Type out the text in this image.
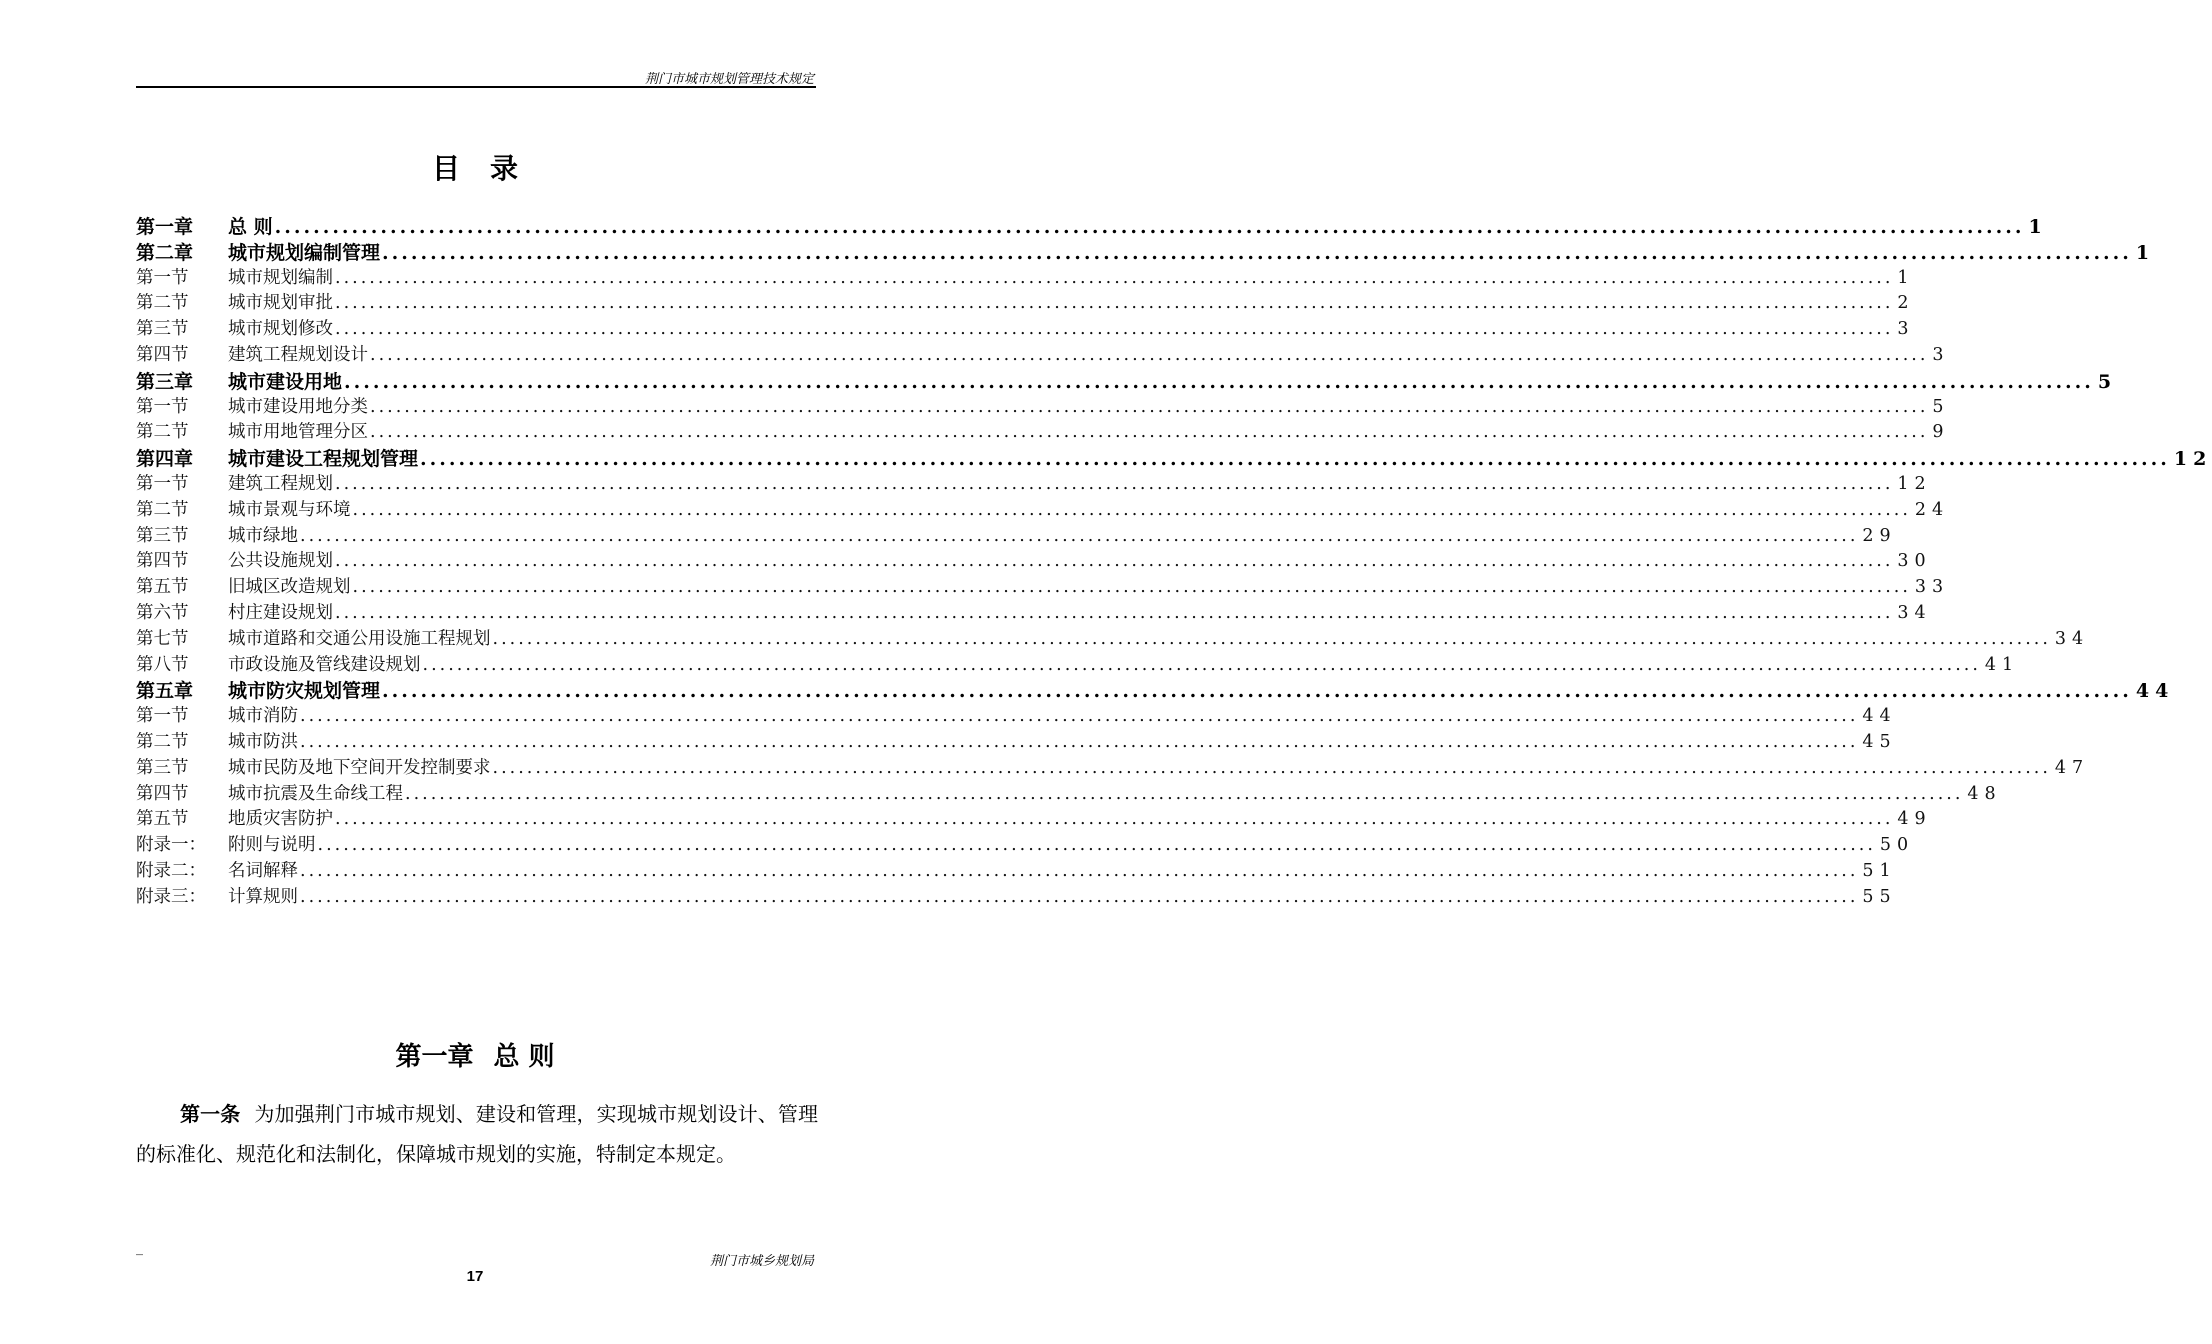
荆门市城市规划管理技术规定
目录
第一章	总 则 .....	1
第二章	城市规划编制管理 .....	1
第一节	城市规划编制 .....	1
第二节	城市规划审批 .....	2
第三节	城市规划修改 .....	3
第四节	建筑工程规划设计 .....	3
第三章	城市建设用地 .....	5
第一节	城市建设用地分类 .....	5
第二节	城市用地管理分区 .....	9
第四章	城市建设工程规划管理 .....	12
第一节	建筑工程规划 .....	12
第二节	城市景观与环境 .....	24
第三节	城市绿地 .....	29
第四节	公共设施规划 .....	30
第五节	旧城区改造规划 .....	33
第六节	村庄建设规划 .....	34
第七节	城市道路和交通公用设施工程规划 .....	34
第八节	市政设施及管线建设规划 .....	41
第五章	城市防灾规划管理 .....	44
第一节	城市消防 .....	44
第二节	城市防洪 .....	45
第三节	城市民防及地下空间开发控制要求 .....	47
第四节	城市抗震及生命线工程 .....	48
第五节	地质灾害防护 .....	49
附录一：	附则与说明 .....	50
附录二：	名词解释 .....	51
附录三：	计算规则 .....	55
第一章 总 则
第一条 为加强荆门市城市规划、建设和管理，实现城市规划设计、管理的标准化、规范化和法制化，保障城市规划的实施，特制定本规定。
_
荆门市城乡规划局
17
